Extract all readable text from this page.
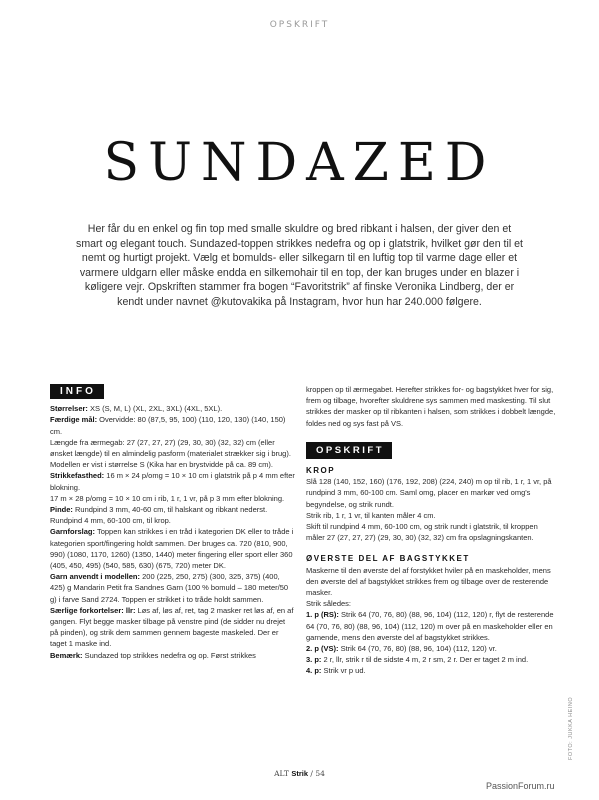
OPSKRIFT
SUNDAZED

Her får du en enkel og fin top med smalle skuldre og bred ribkant i halsen, der giver den et smart og elegant touch. Sundazed-toppen strikkes nedefra og op i glatstrik, hvilket gør den til et nemt og hurtigt projekt. Vælg et bomulds- eller silkegarn til en luftig top til varme dage eller et varmere uldgarn eller måske endda en silkemohair til en top, der kan bruges under en blazer i køligere vejr. Opskriften stammer fra bogen “Favoritstrik” af finske Veronika Lindberg, der er kendt under navnet @kutovakika på Instagram, hvor hun har 240.000 følgere.

INFO

Størrelser: XS (S, M, L) (XL, 2XL, 3XL) (4XL, 5XL).

Færdige mål: Overvidde: 80 (87,5, 95, 100) (110, 120, 130) (140, 150) cm.

Længde fra ærmegab: 27 (27, 27, 27) (29, 30, 30) (32, 32) cm (eller ønsket længde) til en almindelig pasform (materialet strækker sig i brug).

Modellen er vist i størrelse S (Kika har en brystvidde på ca. 89 cm).

Strikkefasthed: 16 m × 24 p/omg = 10 × 10 cm i glatstrik på p 4 mm efter blokning.

17 m × 28 p/omg = 10 × 10 cm i rib, 1 r, 1 vr, på p 3 mm efter blokning.

Pinde: Rundpind 3 mm, 40-60 cm, til halskant og ribkant nederst. Rundpind 4 mm, 60-100 cm, til krop.

Garnforslag: Toppen kan strikkes i en tråd i kategorien DK eller to tråde i kategorien sport/fingering holdt sammen. Der bruges ca. 720 (810, 900, 990) (1080, 1170, 1260) (1350, 1440) meter fingering eller sport eller 360 (405, 450, 495) (540, 585, 630) (675, 720) meter DK.

Garn anvendt i modellen: 200 (225, 250, 275) (300, 325, 375) (400, 425) g Mandarin Petit fra Sandnes Garn (100 % bomuld – 180 meter/50 g) i farve Sand 2724. Toppen er strikket i to tråde holdt sammen.

Særlige forkortelser: llr: Løs af, løs af, ret, tag 2 masker ret løs af, en af gangen. Flyt begge masker tilbage på venstre pind (de sidder nu drejet på pinden), og strik dem sammen gennem bageste maskeled. Der er taget 1 maske ind.

Bemærk: Sundazed top strikkes nedefra og op. Først strikkes

kroppen op til ærmegabet. Herefter strikkes for- og bagstykket hver for sig, frem og tilbage, hvorefter skuldrene sys sammen med maskesting. Til slut strikkes der masker op til ribkanten i halsen, som strikkes i dobbelt længde, foldes ned og sys fast på VS.

OPSKRIFT
KROP

Slå 128 (140, 152, 160) (176, 192, 208) (224, 240) m op til rib, 1 r, 1 vr, på rundpind 3 mm, 60-100 cm. Saml omg, placer en markør ved omg's begyndelse, og strik rundt.

Strik rib, 1 r, 1 vr, til kanten måler 4 cm.

Skift til rundpind 4 mm, 60-100 cm, og strik rundt i glatstrik, til kroppen måler 27 (27, 27, 27) (29, 30, 30) (32, 32) cm fra opslagningskanten.

ØVERSTE DEL AF BAGSTYKKET

Maskerne til den øverste del af forstykket hviler på en maskeholder, mens den øverste del af bagstykket strikkes frem og tilbage over de resterende masker.

Strik således:

1. p (RS): Strik 64 (70, 76, 80) (88, 96, 104) (112, 120) r, flyt de resterende 64 (70, 76, 80) (88, 96, 104) (112, 120) m over på en maskeholder eller en garnende, mens den øverste del af bagstykket strikkes.

2. p (VS): Strik 64 (70, 76, 80) (88, 96, 104) (112, 120) vr.

3. p: 2 r, llr, strik r til de sidste 4 m, 2 r sm, 2 r. Der er taget 2 m ind.

4. p: Strik vr p ud.

FOTO: JUKKA HEINO
ALT Strik / 54
PassionForum.ru
